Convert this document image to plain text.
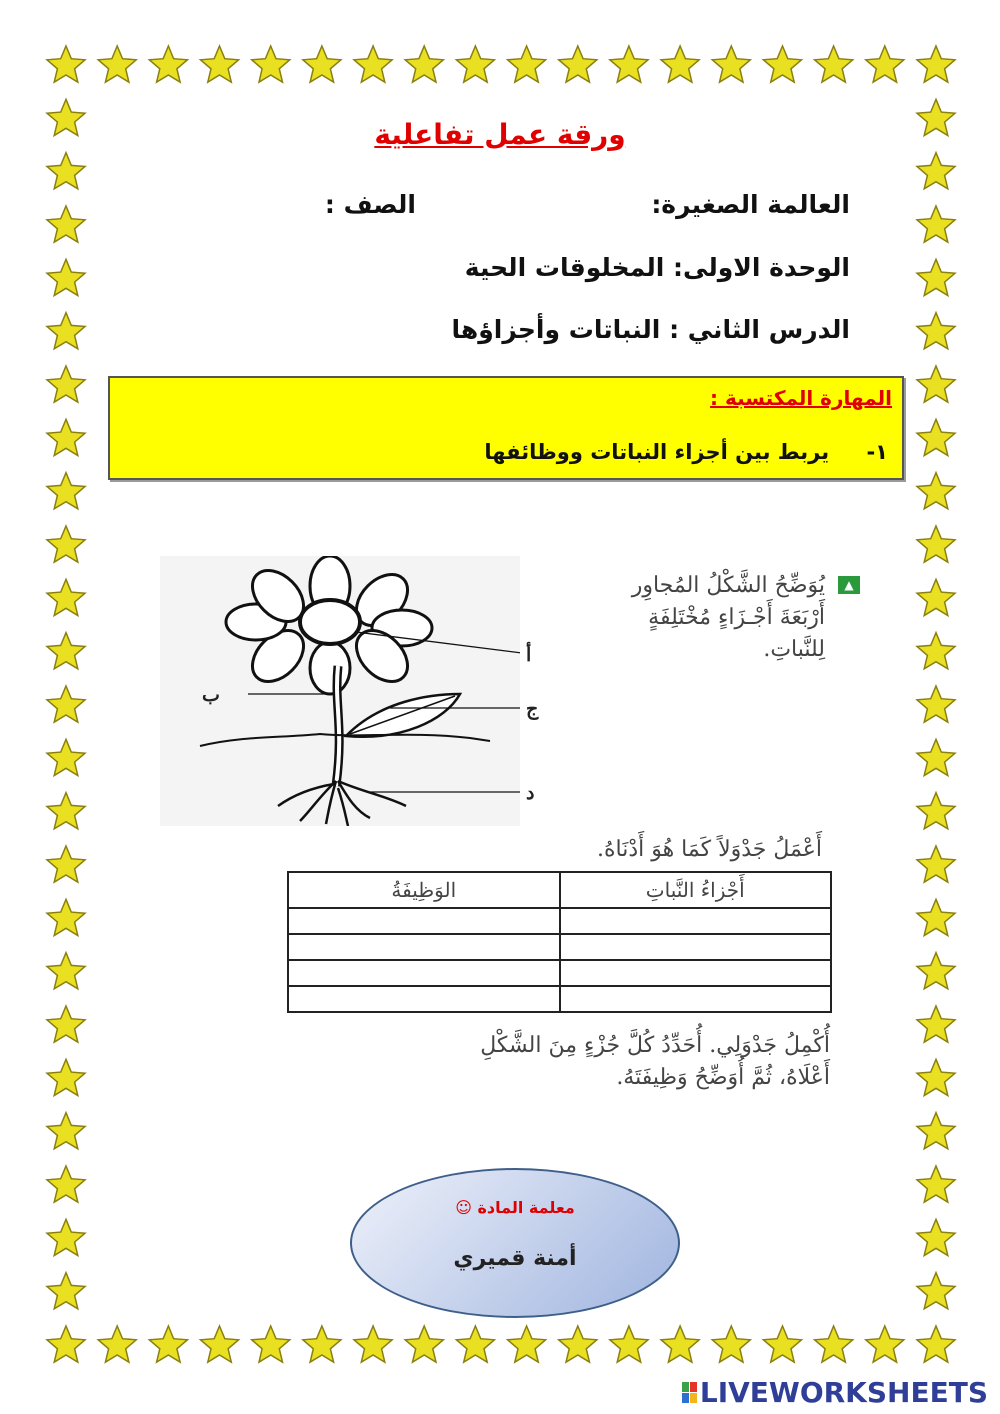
ورقة عمل تفاعلية
العالمة الصغيرة:
الصف :
الوحدة الاولى: المخلوقات الحية
الدرس الثاني : النباتات وأجزاؤها
المهارة المكتسبة :
١- يربط بين أجزاء النباتات ووظائفها
أ
ب
ج
د
▲
يُوَضِّحُ الشَّكْلُ المُجاوِر
أَرْبَعَةَ أَجْـزَاءٍ مُخْتَلِفَةٍ
لِلنَّباتِ.
أَعْمَلُ جَدْوَلاً كَمَا هُوَ أَدْنَاهُ.
أَجْزاءُ النَّباتِ	الوَظِيفَةُ

أُكْمِلُ جَدْوَلِي. أُحَدِّدُ كُلَّ جُزْءٍ مِنَ الشَّكْلِ
أَعْلَاهُ، ثُمَّ أُوَضِّحُ وَظِيفَتَهُ.
معلمة المادة ☺
أمنة قميري
LIVEWORKSHEETS
